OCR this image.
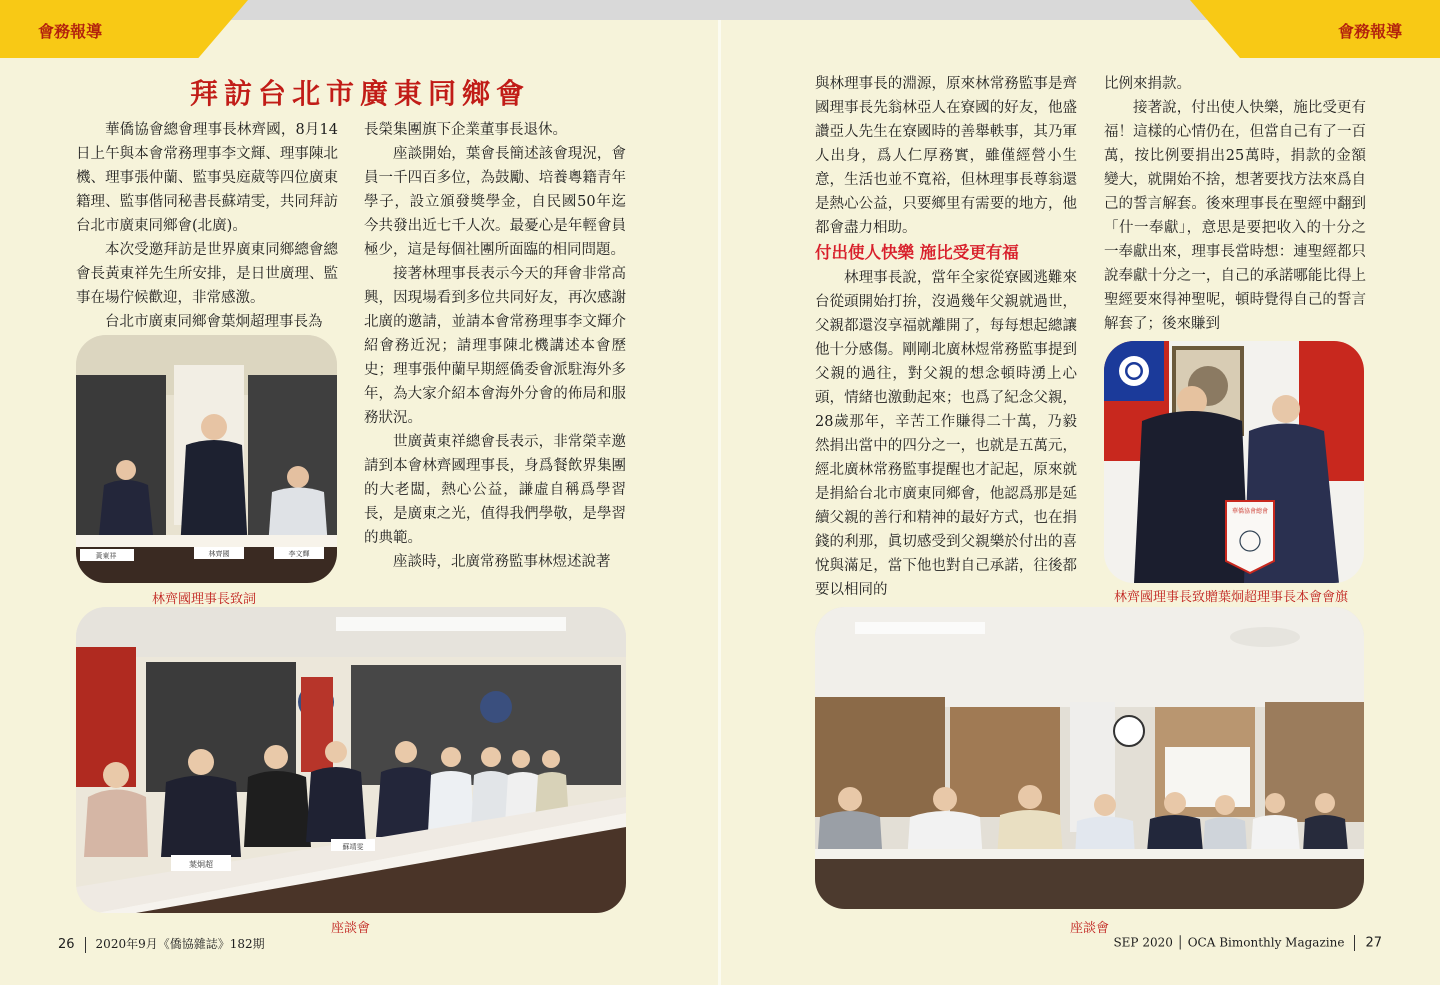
會務報導	會務報導
拜訪台北市廣東同鄉會

華僑協會總會理事長林齊國，8月14日上午與本會常務理事李文輝、理事陳北機、理事張仲蘭、監事吳庭葳等四位廣東籍理、監事偕同秘書長蘇靖雯，共同拜訪台北市廣東同鄉會(北廣)。

本次受邀拜訪是世界廣東同鄉總會總會長黃東祥先生所安排，是日世廣理、監事在場佇候歡迎，非常感激。

台北市廣東同鄉會葉炯超理事長為

長榮集團旗下企業董事長退休。

座談開始，葉會長簡述該會現況，會員一千四百多位，為鼓勵、培養粵籍青年學子，設立頒發獎學金，自民國50年迄今共發出近七千人次。最憂心是年輕會員極少，這是每個社團所面臨的相同問題。

接著林理事長表示今天的拜會非常高興，因現場看到多位共同好友，再次感謝北廣的邀請，並請本會常務理事李文輝介紹會務近況；請理事陳北機講述本會歷史；理事張仲蘭早期經僑委會派駐海外多年，為大家介紹本會海外分會的佈局和服務狀況。

世廣黃東祥總會長表示，非常榮幸邀請到本會林齊國理事長，身爲餐飲界集團的大老闆，熱心公益，謙虛自稱爲學習長，是廣東之光，值得我們學敬，是學習的典範。

座談時，北廣常務監事林煜述說著

與林理事長的淵源，原來林常務監事是齊國理事長先翁林亞人在寮國的好友，他盛讚亞人先生在寮國時的善舉軼事，其乃軍人出身，爲人仁厚務實，雖僅經營小生意，生活也並不寬裕，但林理事長尊翁還是熱心公益，只要鄉里有需要的地方，他都會盡力相助。

付出使人快樂 施比受更有福

林理事長說，當年全家從寮國逃難來台從頭開始打拚，沒過幾年父親就過世，父親都還沒享福就離開了，每每想起總讓他十分感傷。剛剛北廣林煜常務監事提到父親的過往，對父親的想念頓時湧上心頭，情緒也激動起來；也爲了紀念父親，28歲那年，辛苦工作賺得二十萬，乃毅然捐出當中的四分之一，也就是五萬元，經北廣林常務監事提醒也才記起，原來就是捐給台北市廣東同鄉會，他認爲那是延續父親的善行和精神的最好方式，也在捐錢的利那，眞切感受到父親樂於付出的喜悅與滿足，當下他也對自己承諾，往後都要以相同的

比例來捐款。

接著說，付出使人快樂，施比受更有福！這樣的心情仍在，但當自己有了一百萬，按比例要捐出25萬時，捐款的金額變大，就開始不捨，想著要找方法來爲自己的誓言解套。後來理事長在聖經中翻到「什一奉獻」，意思是要把收入的十分之一奉獻出來，理事長當時想：連聖經都只說奉獻十分之一，自己的承諾哪能比得上聖經要來得神聖呢，頓時覺得自己的誓言解套了；後來賺到

黃東祥	林齊國	李文輝
林齊國理事長致詞
葉炯超
蘇靖雯
座談會
華僑協會總會
林齊國理事長致贈葉炯超理事長本會會旗
座談會
26 2020年9月《僑協雜誌》182期	SEP 2020 │ OCA Bimonthly Magazine 27
